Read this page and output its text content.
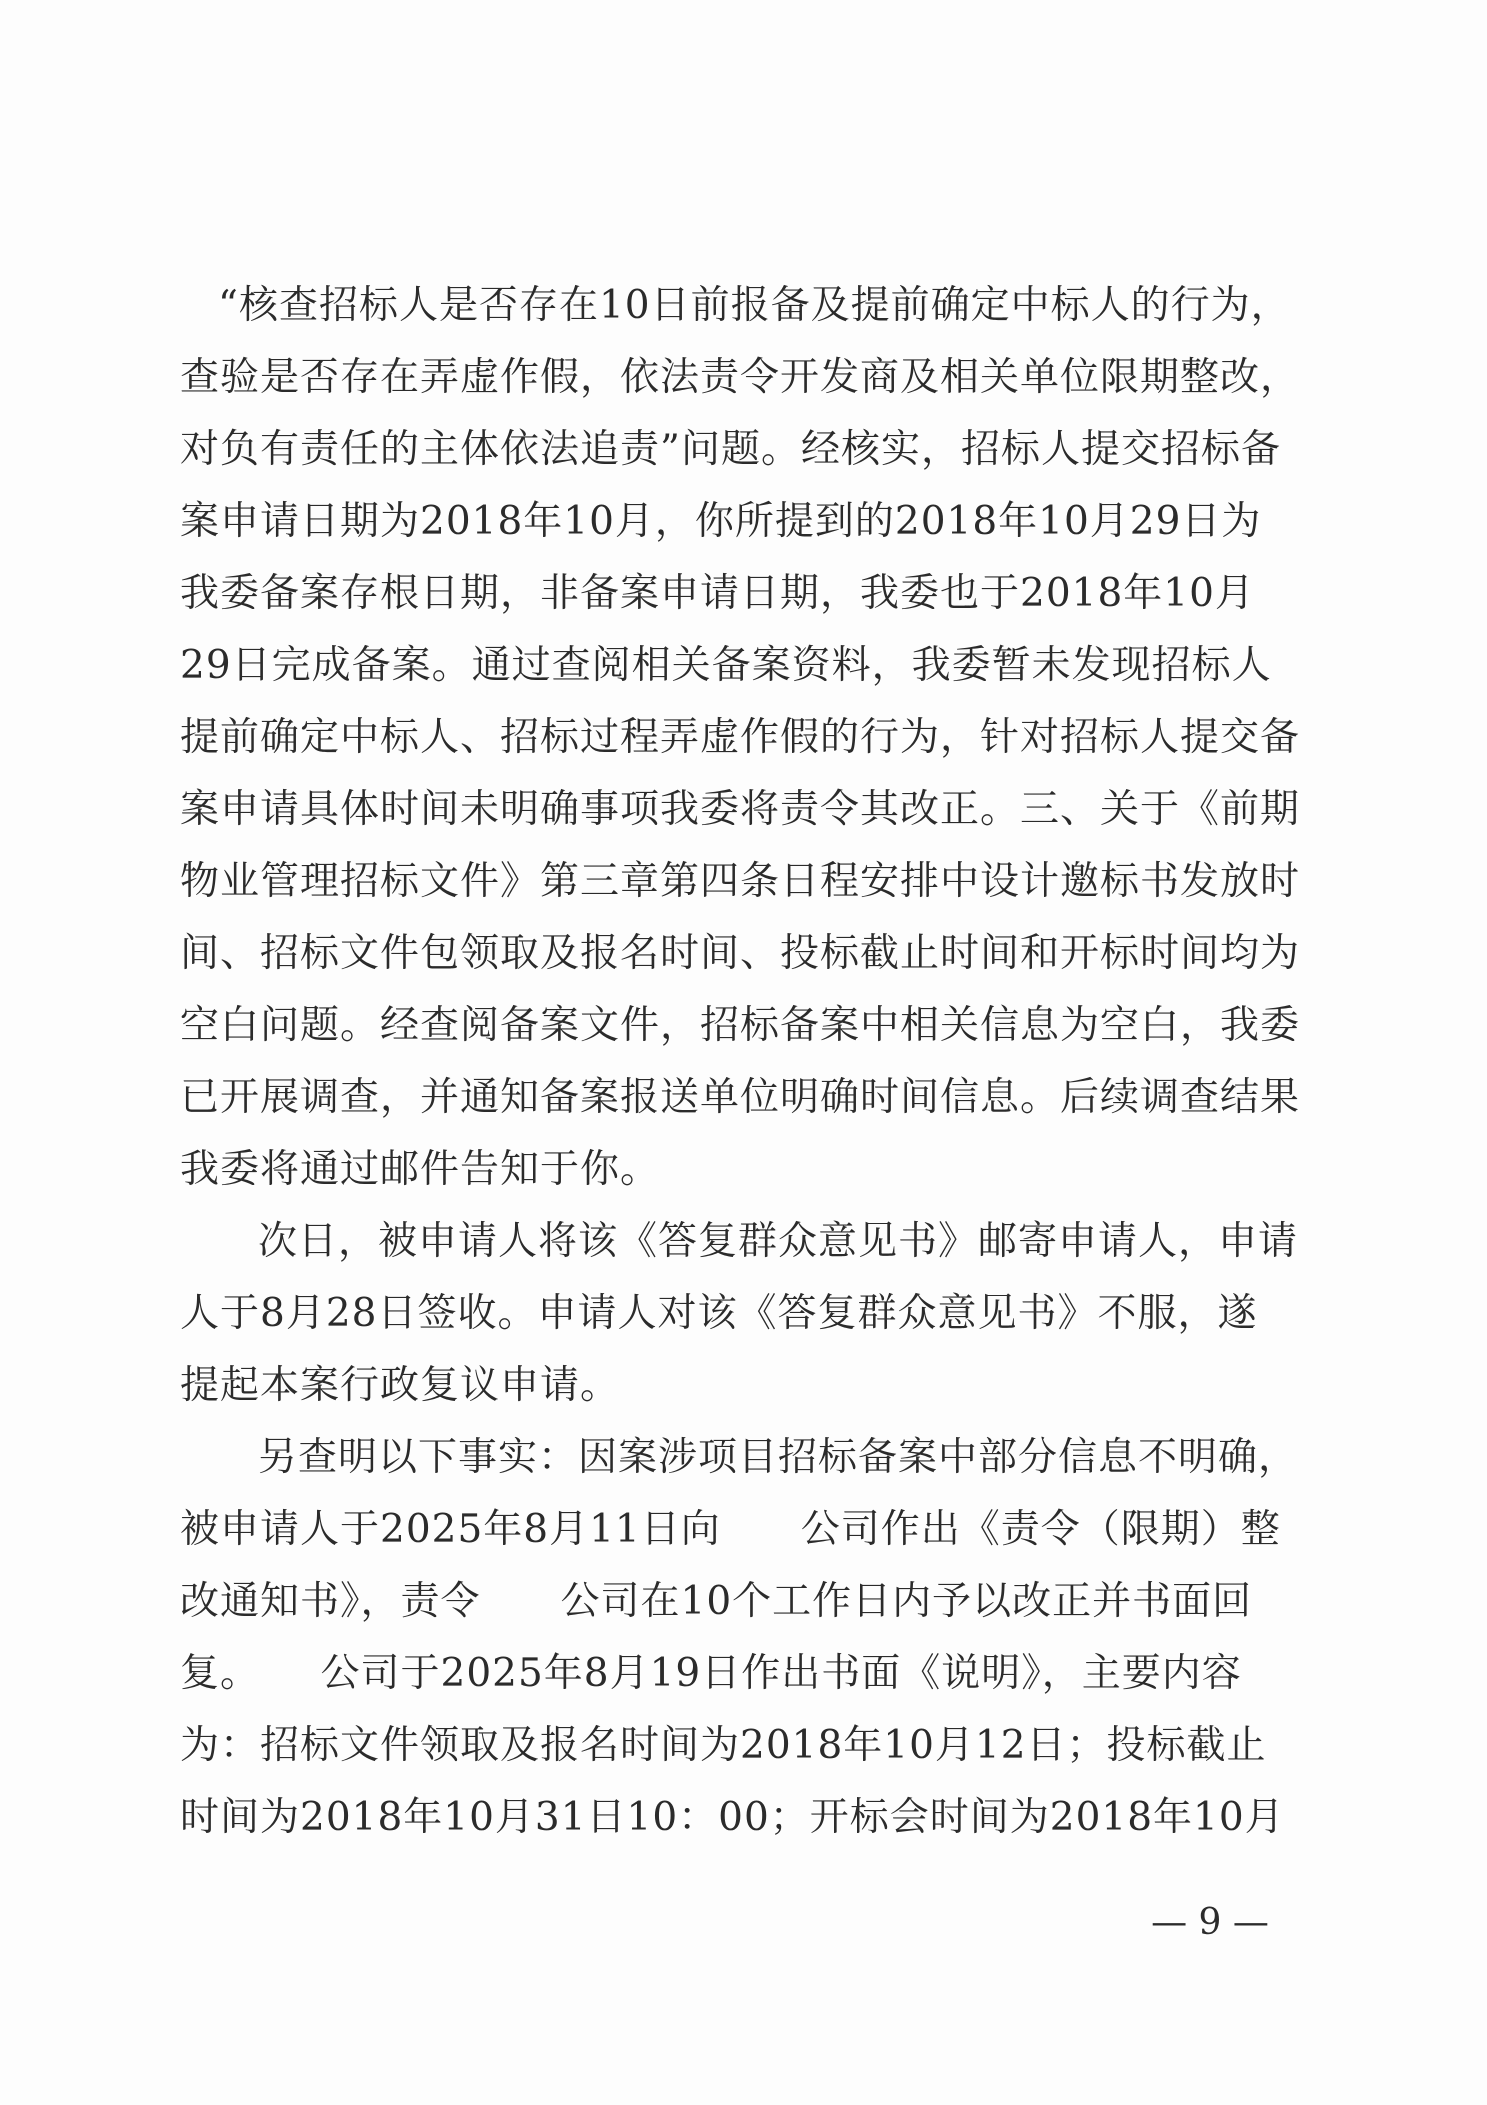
“核查招标人是否存在10日前报备及提前确定中标人的行为，
查验是否存在弄虚作假，依法责令开发商及相关单位限期整改，
对负有责任的主体依法追责”问题。经核实，招标人提交招标备
案申请日期为2018年10月，你所提到的2018年10月29日为
我委备案存根日期，非备案申请日期，我委也于2018年10月
29日完成备案。通过查阅相关备案资料，我委暂未发现招标人
提前确定中标人、招标过程弄虚作假的行为，针对招标人提交备
案申请具体时间未明确事项我委将责令其改正。三、关于《前期
物业管理招标文件》第三章第四条日程安排中设计邀标书发放时
间、招标文件包领取及报名时间、投标截止时间和开标时间均为
空白问题。经查阅备案文件，招标备案中相关信息为空白，我委
已开展调查，并通知备案报送单位明确时间信息。后续调查结果
我委将通过邮件告知于你。
次日，被申请人将该《答复群众意见书》邮寄申请人，申请
人于8月28日签收。申请人对该《答复群众意见书》不服，遂
提起本案行政复议申请。
另查明以下事实：因案涉项目招标备案中部分信息不明确，
被申请人于2025年8月11日向　　公司作出《责令（限期）整
改通知书》，责令　　公司在10个工作日内予以改正并书面回
复。　　公司于2025年8月19日作出书面《说明》，主要内容
为：招标文件领取及报名时间为2018年10月12日；投标截止
时间为2018年10月31日10：00；开标会时间为2018年10月
— 9 —
